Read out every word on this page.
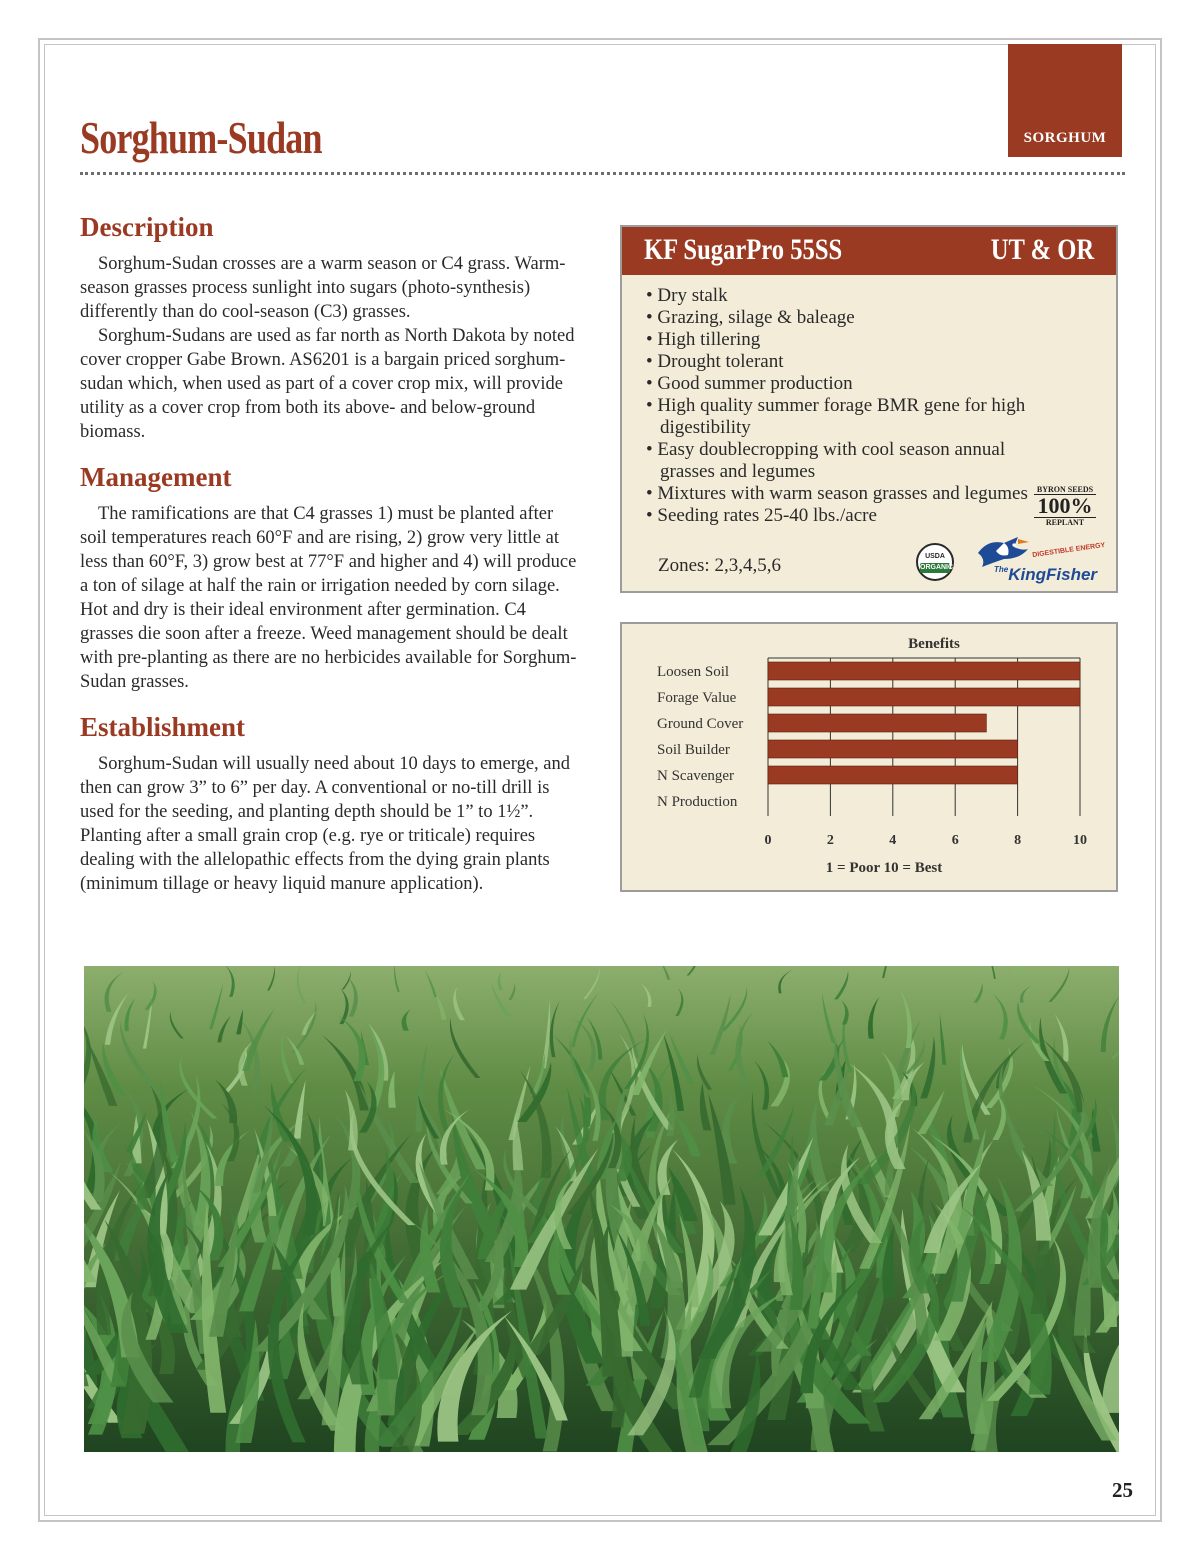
SORGHUM
Sorghum-Sudan
Description

Sorghum-Sudan crosses are a warm season or C4 grass. Warm-season grasses process sunlight into sugars (photo-synthesis) differently than do cool-season (C3) grasses.

Sorghum-Sudans are used as far north as North Dakota by noted cover cropper Gabe Brown. AS6201 is a bargain priced sorghum-sudan which, when used as part of a cover crop mix, will provide utility as a cover crop from both its above- and below-ground biomass.

Management

The ramifications are that C4 grasses 1) must be planted after soil temperatures reach 60°F and are rising, 2) grow very little at less than 60°F, 3) grow best at 77°F and higher and 4) will produce a ton of silage at half the rain or irrigation needed by corn silage. Hot and dry is their ideal environment after germination. C4 grasses die soon after a freeze. Weed management should be dealt with pre-planting as there are no herbicides available for Sorghum-Sudan grasses.

Establishment

Sorghum-Sudan will usually need about 10 days to emerge, and then can grow 3” to 6” per day. A conventional or no-till drill is used for the seeding, and planting depth should be 1” to 1½”. Planting after a small grain crop (e.g. rye or triticale) requires dealing with the allelopathic effects from the dying grain plants (minimum tillage or heavy liquid manure application).

KF SugarPro 55SS	UT & OR
• Dry stalk
• Grazing, silage & baleage
• High tillering
• Drought tolerant
• Good summer production
• High quality summer forage BMR gene for high digestibility
• Easy doublecropping with cool season annual grasses and legumes
• Mixtures with warm season grasses and legumes
• Seeding rates 25-40 lbs./acre
Zones: 2,3,4,5,6
BYRON SEEDS
100%
REPLANT
USDA
ORGANIC
DIGESTIBLE ENERGY
$^{The}$KingFisher
Benefits
0	2	4	6	8	10
Loosen Soil
Forage Value
Ground Cover
Soil Builder
N Scavenger
N Production
1 = Poor 10 = Best
25
